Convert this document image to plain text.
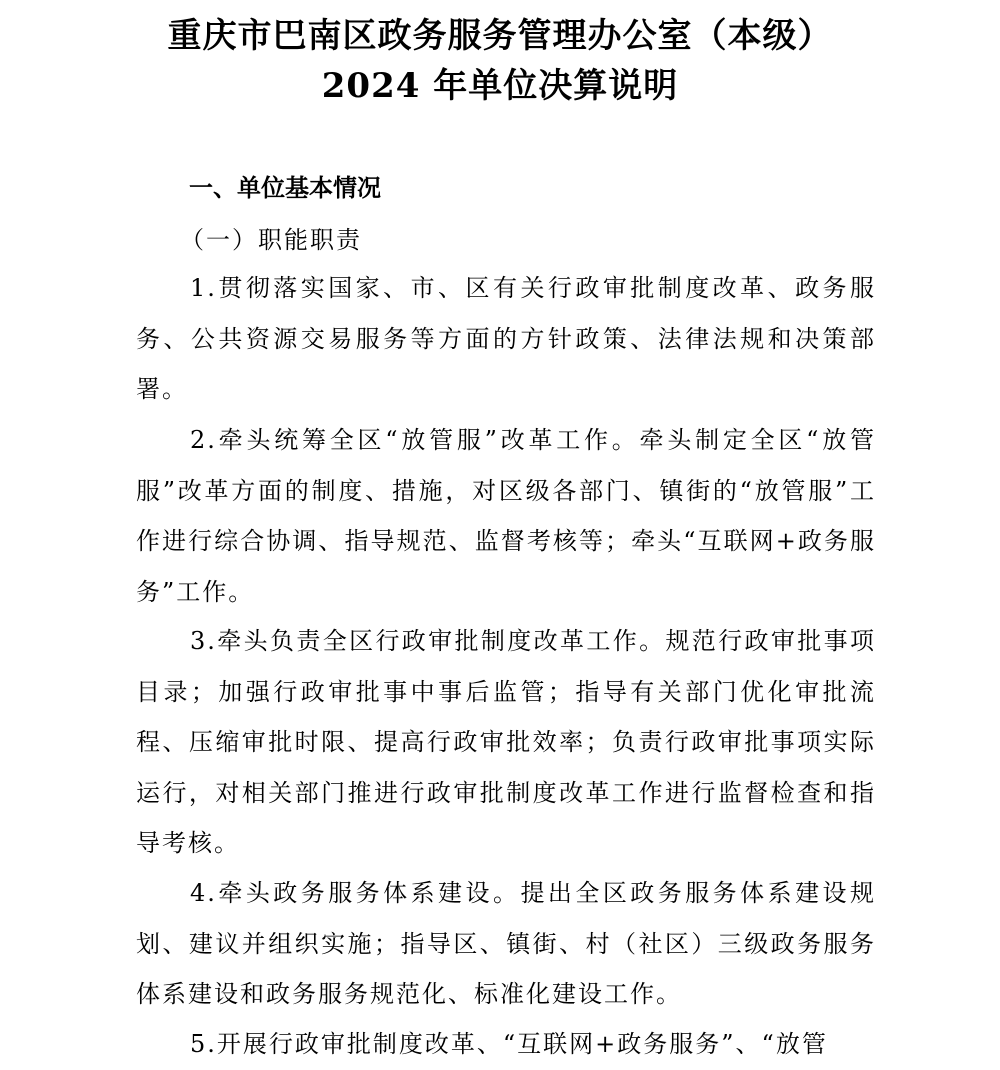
重庆市巴南区政务服务管理办公室（本级）
2024 年单位决算说明
一、单位基本情况
（一）职能职责

1.贯彻落实国家、市、区有关行政审批制度改革、政务服务、公共资源交易服务等方面的方针政策、法律法规和决策部署。

2.牵头统筹全区“放管服”改革工作。牵头制定全区“放管服”改革方面的制度、措施，对区级各部门、镇街的“放管服”工作进行综合协调、指导规范、监督考核等；牵头“互联网+政务服务”工作。

3.牵头负责全区行政审批制度改革工作。规范行政审批事项目录；加强行政审批事中事后监管；指导有关部门优化审批流程、压缩审批时限、提高行政审批效率；负责行政审批事项实际运行，对相关部门推进行政审批制度改革工作进行监督检查和指导考核。

4.牵头政务服务体系建设。提出全区政务服务体系建设规划、建议并组织实施；指导区、镇街、村（社区）三级政务服务体系建设和政务服务规范化、标准化建设工作。

5.开展行政审批制度改革、“互联网+政务服务”、“放管
